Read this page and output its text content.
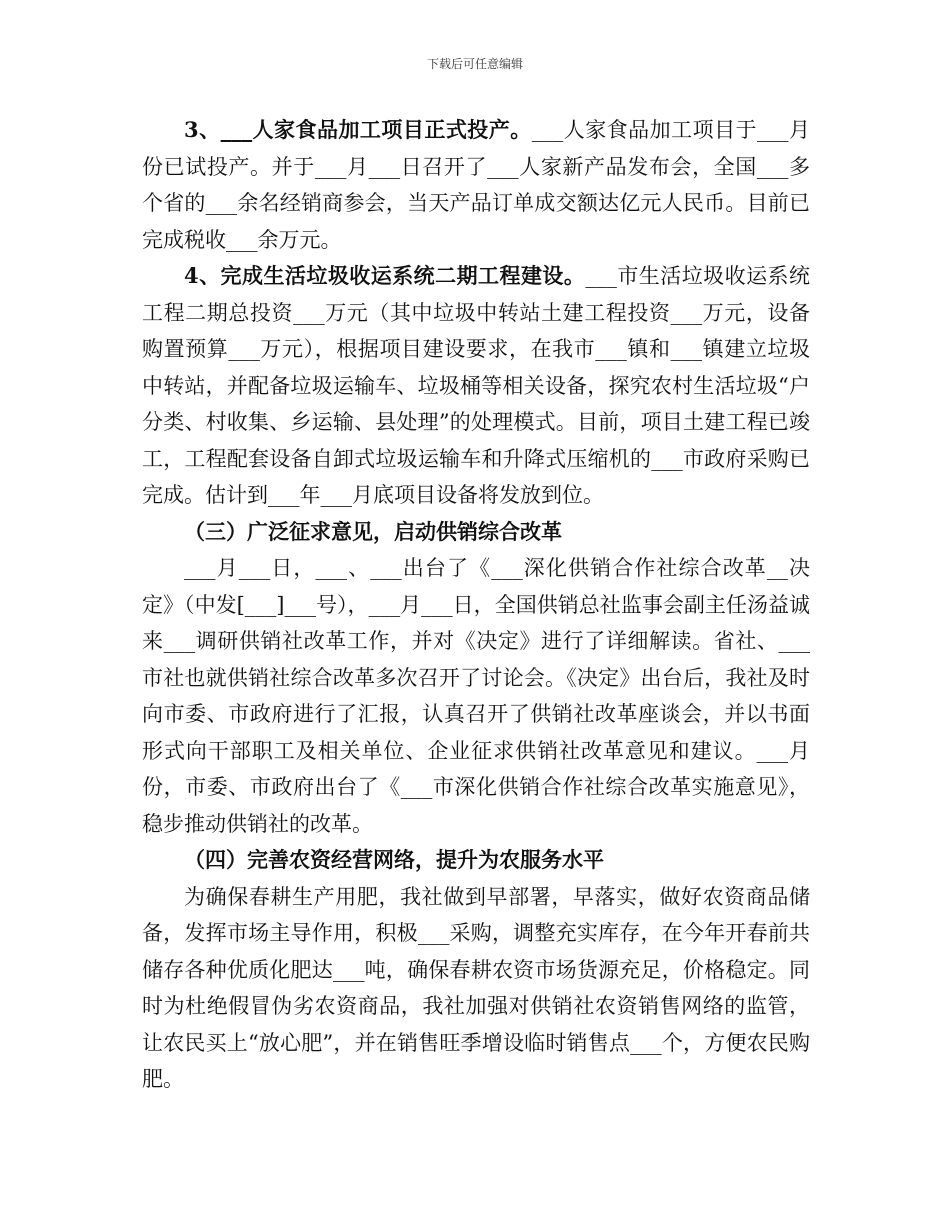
下载后可任意编辑

3、___人家食品加工项目正式投产。___人家食品加工项目于___月份已试投产。并于___月___日召开了___人家新产品发布会，全国___多个省的___余名经销商参会，当天产品订单成交额达亿元人民币。目前已完成税收___余万元。

4、完成生活垃圾收运系统二期工程建设。___市生活垃圾收运系统工程二期总投资___万元（其中垃圾中转站土建工程投资___万元，设备购置预算___万元），根据项目建设要求，在我市___镇和___镇建立垃圾中转站，并配备垃圾运输车、垃圾桶等相关设备，探究农村生活垃圾“户分类、村收集、乡运输、县处理”的处理模式。目前，项目土建工程已竣工，工程配套设备自卸式垃圾运输车和升降式压缩机的___市政府采购已完成。估计到___年___月底项目设备将发放到位。

（三）广泛征求意见，启动供销综合改革

___月___日，___、___出台了《___深化供销合作社综合改革__决定》（中发[___]___号），___月___日，全国供销总社监事会副主任汤益诚来___调研供销社改革工作，并对《决定》进行了详细解读。省社、___市社也就供销社综合改革多次召开了讨论会。《决定》出台后，我社及时向市委、市政府进行了汇报，认真召开了供销社改革座谈会，并以书面形式向干部职工及相关单位、企业征求供销社改革意见和建议。___月份，市委、市政府出台了《___市深化供销合作社综合改革实施意见》，稳步推动供销社的改革。

（四）完善农资经营网络，提升为农服务水平

为确保春耕生产用肥，我社做到早部署，早落实，做好农资商品储备，发挥市场主导作用，积极___采购，调整充实库存，在今年开春前共储存各种优质化肥达___吨，确保春耕农资市场货源充足，价格稳定。同时为杜绝假冒伪劣农资商品，我社加强对供销社农资销售网络的监管，让农民买上“放心肥”，并在销售旺季增设临时销售点___个，方便农民购肥。
